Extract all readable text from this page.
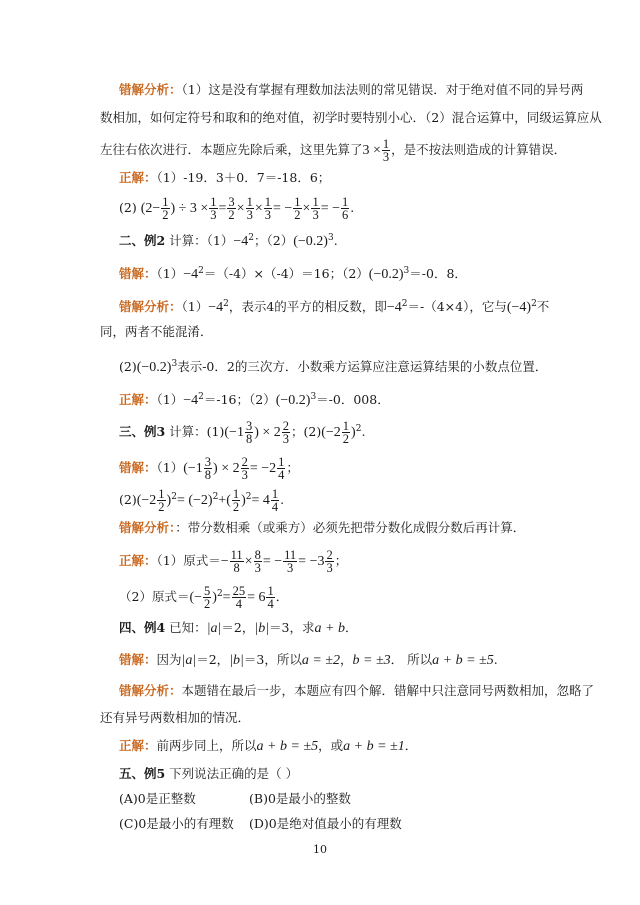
错解分析：（1）这是没有掌握有理数加法法则的常见错误．对于绝对值不同的异号两
数相加，如何定符号和取和的绝对值，初学时要特别小心．（2）混合运算中，同级运算应从
左往右依次进行．本题应先除后乘，这里先算了$3 \times \frac{1}{3}$ ，是不按法则造成的计算错误．
正解：（1）-19．3＋0．7＝-18．6；
(2) ($2- \frac{1}{2}$ ) ÷ $3 \times \frac{1}{3} = \frac{3}{2} \times \frac{1}{3} \times \frac{1}{3}$ = − $\frac{1}{2} \times \frac{1}{3}$ = − $\frac{1}{6}$ .
二、例2 计算：$(1)-4^2$；$(2)(-0.2)^3$.
错解：$(1)-4^2=(-4)\times(-4)=16$；$(2)(-0.2)^3=-0$．8．
错解分析：$(1)-4^2$，表示4的平方的相反数，即$-4^2=-(4\times 4)$，它与$(-4)^2$不
同，两者不能混淆．
$(2)(-0.2)^3$表示-0．2的三次方．小数乘方运算应注意运算结果的小数点位置．
正解：$(1)-4^2=-16$；$(2)(-0.2)^3=-0$．008．
三、例3 计算：$(1)(-1 \frac{3}{8}$ ) × $2 \frac{2}{3}$ ；$(2)(-2 \frac{1}{2} )^2$.
错解：$(1)(-1 \frac{3}{8}$ ) × $2 \frac{2}{3} = -2 \frac{1}{4}$ ；
$(2)(-2 \frac{1}{2} )^2= (-2)^2+( \frac{1}{2} )^2= 4 \frac{1}{4}$ .
错解分析：：带分数相乘（或乘方）必须先把带分数化成假分数后再计算．
正解：（1）原式＝− $\frac{11}{8} \times \frac{8}{3}$ = − $\frac{11}{3} = -3 \frac{2}{3}$ ；
（2）原式＝(− $\frac{5}{2} )^2= \frac{25}{4} = 6 \frac{1}{4}$ ．
四、例4 已知：|a|＝2，|b|＝3，求a + b．
错解：因为|a|＝2，|b|＝3，所以a = ±2，b = ±3． 所以a + b = ±5.
错解分析：本题错在最后一步，本题应有四个解．错解中只注意同号两数相加，忽略了
还有异号两数相加的情况．
正解：前两步同上，所以a + b = ±5，或a + b = ±1．
五、例5 下列说法正确的是（ ）
(A)0是正整数	(B)0是最小的整数
(C)0是最小的有理数 (D)0是绝对值最小的有理数
10
